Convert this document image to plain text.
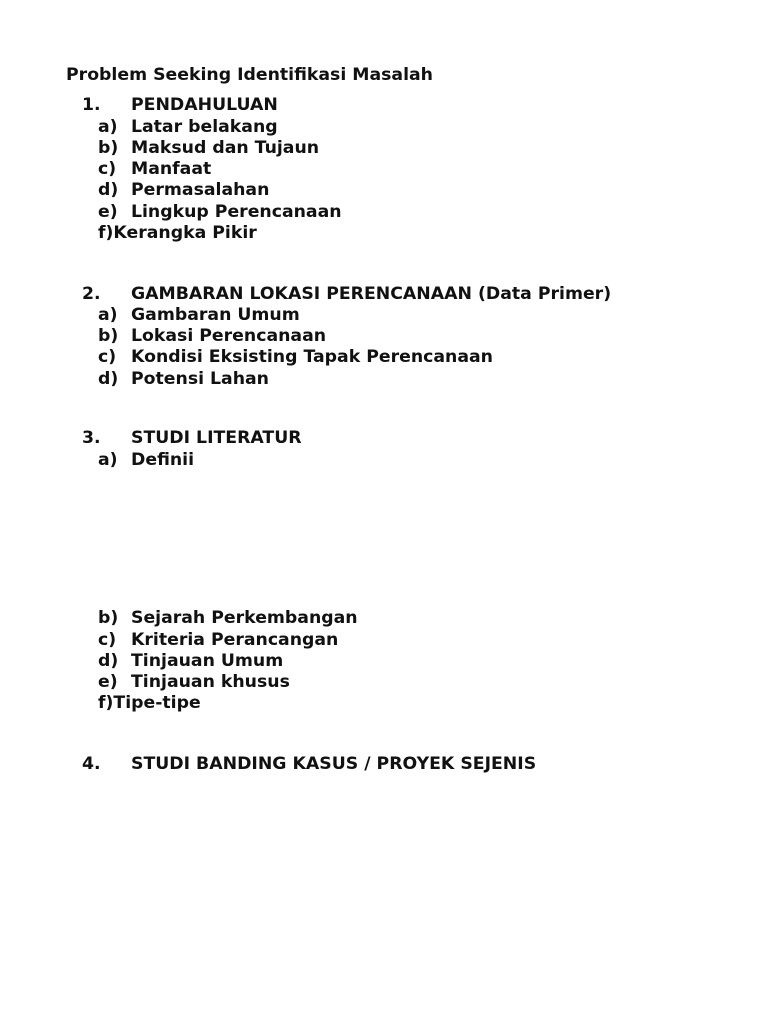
Problem Seeking Identifikasi Masalah
1. PENDAHULUAN
a) Latar belakang
b) Maksud dan Tujaun
c) Manfaat
d) Permasalahan
e) Lingkup Perencanaan
f)Kerangka Pikir
2. GAMBARAN LOKASI PERENCANAAN (Data Primer)
a) Gambaran Umum
b) Lokasi Perencanaan
c) Kondisi Eksisting Tapak Perencanaan
d) Potensi Lahan
3. STUDI LITERATUR
a) Definii
b) Sejarah Perkembangan
c) Kriteria Perancangan
d) Tinjauan Umum
e) Tinjauan khusus
f)Tipe-tipe
4. STUDI BANDING KASUS / PROYEK SEJENIS
